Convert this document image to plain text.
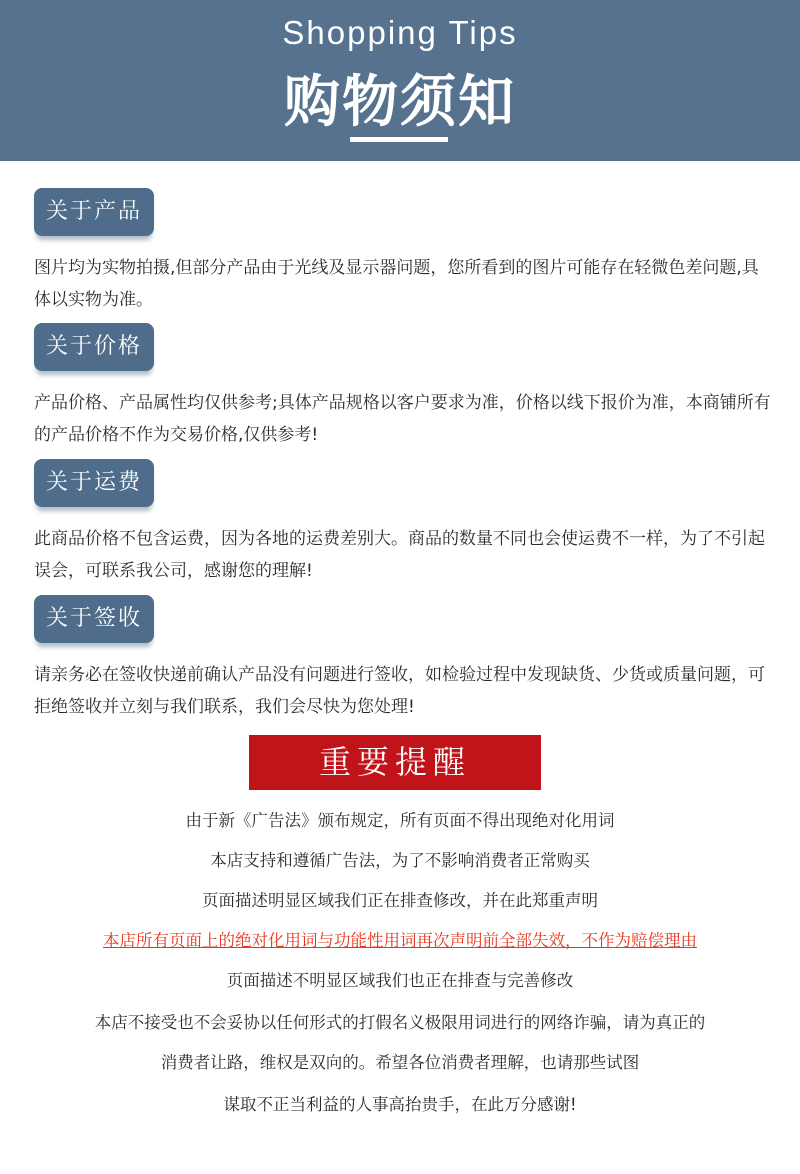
Shopping Tips
购物须知
关于产品

图片均为实物拍摄,但部分产品由于光线及显示器问题，您所看到的图片可能存在轻微色差问题,具体以实物为准。

关于价格

产品价格、产品属性均仅供参考;具体产品规格以客户要求为准，价格以线下报价为准，本商铺所有的产品价格不作为交易价格,仅供参考!

关于运费

此商品价格不包含运费，因为各地的运费差别大。商品的数量不同也会使运费不一样，为了不引起误会，可联系我公司，感谢您的理解!

关于签收

请亲务必在签收快递前确认产品没有问题进行签收，如检验过程中发现缺货、少货或质量问题，可拒绝签收并立刻与我们联系，我们会尽快为您处理!

重要提醒
由于新《广告法》颁布规定，所有页面不得出现绝对化用词
本店支持和遵循广告法，为了不影响消费者正常购买
页面描述明显区域我们正在排查修改，并在此郑重声明
本店所有页面上的绝对化用词与功能性用词再次声明前全部失效，不作为赔偿理由
页面描述不明显区域我们也正在排查与完善修改
本店不接受也不会妥协以任何形式的打假名义极限用词进行的网络诈骗，请为真正的
消费者让路，维权是双向的。希望各位消费者理解，也请那些试图
谋取不正当利益的人事高抬贵手，在此万分感谢!
